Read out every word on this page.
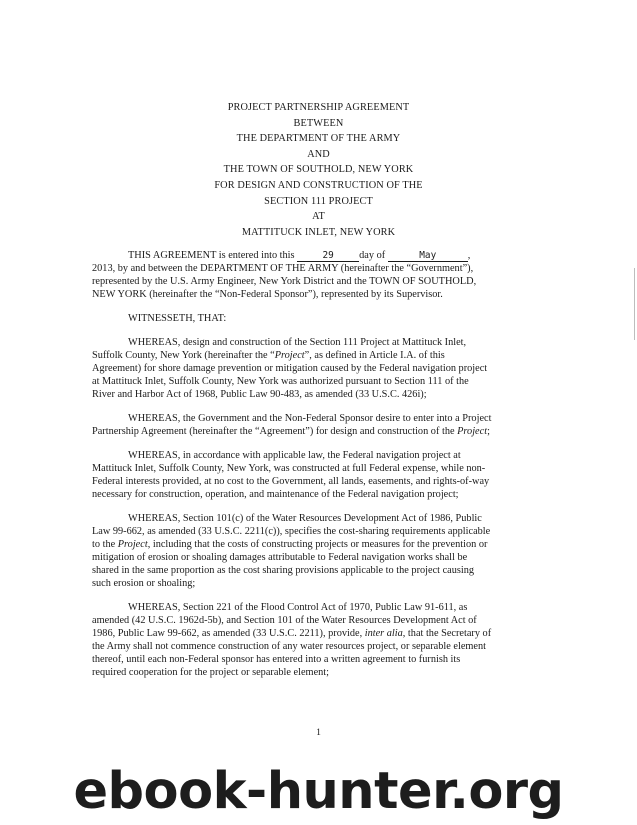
PROJECT PARTNERSHIP AGREEMENT
BETWEEN
THE DEPARTMENT OF THE ARMY
AND
THE TOWN OF SOUTHOLD, NEW YORK
FOR DESIGN AND CONSTRUCTION OF THE
SECTION 111 PROJECT
AT
MATTITUCK INLET, NEW YORK

THIS AGREEMENT is entered into this	29 day of	May	,

2013, by and between the DEPARTMENT OF THE ARMY (hereinafter the “Government”),

represented by the U.S. Army Engineer, New York District and the TOWN OF SOUTHOLD,

NEW YORK (hereinafter the “Non-Federal Sponsor”), represented by its Supervisor.

WITNESSETH, THAT:

WHEREAS, design and construction of the Section 111 Project at Mattituck Inlet,

Suffolk County, New York (hereinafter the “Project”, as defined in Article I.A. of this

Agreement) for shore damage prevention or mitigation caused by the Federal navigation project

at Mattituck Inlet, Suffolk County, New York was authorized pursuant to Section 111 of the

River and Harbor Act of 1968, Public Law 90-483, as amended (33 U.S.C. 426i);

WHEREAS, the Government and the Non-Federal Sponsor desire to enter into a Project

Partnership Agreement (hereinafter the “Agreement”) for design and construction of the Project;

WHEREAS, in accordance with applicable law, the Federal navigation project at

Mattituck Inlet, Suffolk County, New York, was constructed at full Federal expense, while non-

Federal interests provided, at no cost to the Government, all lands, easements, and rights-of-way

necessary for construction, operation, and maintenance of the Federal navigation project;

WHEREAS, Section 101(c) of the Water Resources Development Act of 1986, Public

Law 99-662, as amended (33 U.S.C. 2211(c)), specifies the cost-sharing requirements applicable

to the Project, including that the costs of constructing projects or measures for the prevention or

mitigation of erosion or shoaling damages attributable to Federal navigation works shall be

shared in the same proportion as the cost sharing provisions applicable to the project causing

such erosion or shoaling;

WHEREAS, Section 221 of the Flood Control Act of 1970, Public Law 91-611, as

amended (42 U.S.C. 1962d-5b), and Section 101 of the Water Resources Development Act of

1986, Public Law 99-662, as amended (33 U.S.C. 2211), provide, inter alia, that the Secretary of

the Army shall not commence construction of any water resources project, or separable element

thereof, until each non-Federal sponsor has entered into a written agreement to furnish its

required cooperation for the project or separable element;

1
ebook-hunter.org
